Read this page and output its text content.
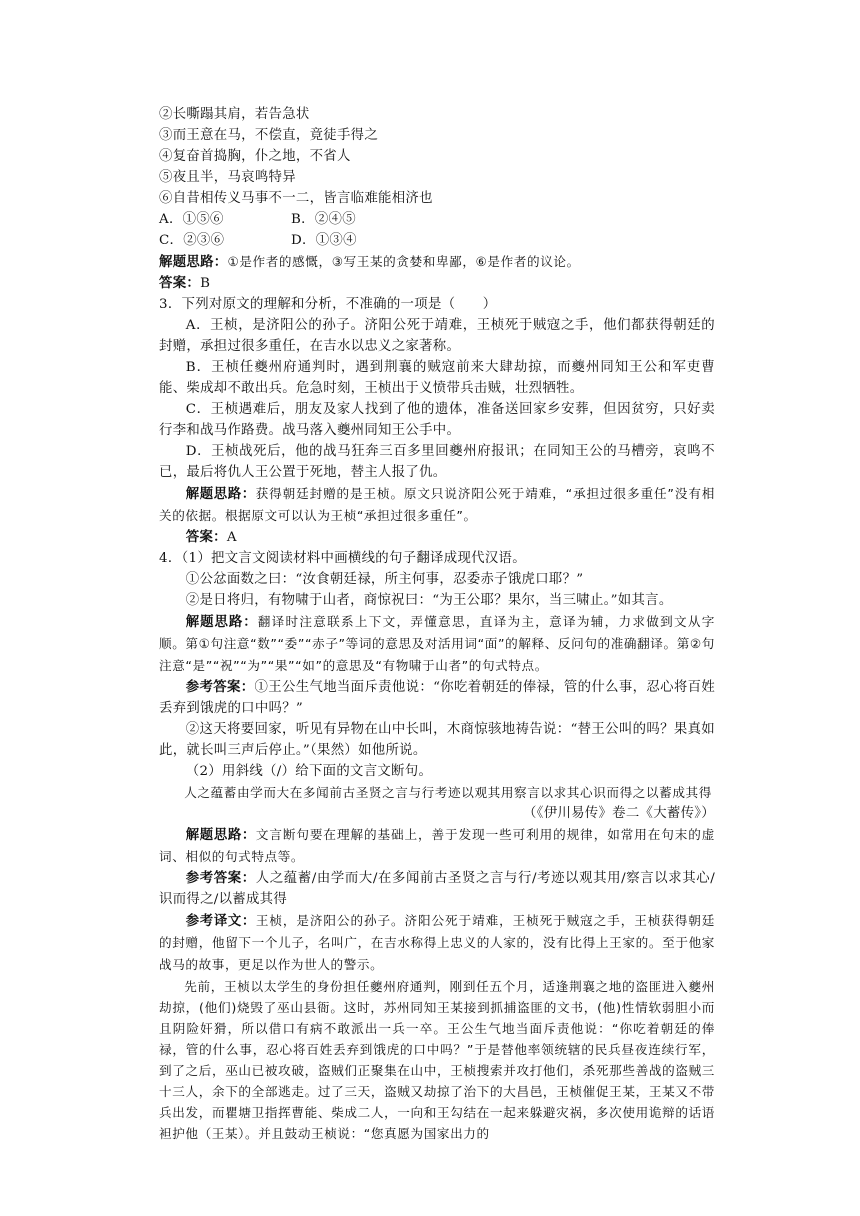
②长嘶蹋其肩，若告急状
③而王意在马，不偿直，竟徒手得之
④复奋首捣胸，仆之地，不省人
⑤夜且半，马哀鸣特异
⑥自昔相传义马事不一二，皆言临难能相济也
A．①⑤⑥	B．②④⑤
C．②③⑥	D．①③④
解题思路：①是作者的感慨，③写王某的贪婪和卑鄙，⑥是作者的议论。
答案：B
3．下列对原文的理解和分析，不准确的一项是（　　）
A．王桢，是济阳公的孙子。济阳公死于靖难，王桢死于贼寇之手，他们都获得朝廷的封赠，承担过很多重任，在吉水以忠义之家著称。
B．王桢任夔州府通判时，遇到荆襄的贼寇前来大肆劫掠，而夔州同知王公和军吏曹能、柴成却不敢出兵。危急时刻，王桢出于义愤带兵击贼，壮烈牺牲。
C．王桢遇难后，朋友及家人找到了他的遗体，准备送回家乡安葬，但因贫穷，只好卖行李和战马作路费。战马落入夔州同知王公手中。
D．王桢战死后，他的战马狂奔三百多里回夔州府报讯；在同知王公的马槽旁，哀鸣不已，最后将仇人王公置于死地，替主人报了仇。
解题思路：获得朝廷封赠的是王桢。原文只说济阳公死于靖难，“承担过很多重任”没有相关的依据。根据原文可以认为王桢“承担过很多重任”。
答案：A
4．（1）把文言文阅读材料中画横线的句子翻译成现代汉语。
①公忿面数之曰：“汝食朝廷禄，所主何事，忍委赤子饿虎口耶？”
②是日将归，有物啸于山者，商惊祝曰：“为王公耶？果尔，当三啸止。”如其言。
解题思路：翻译时注意联系上下文，弄懂意思，直译为主，意译为辅，力求做到文从字顺。第①句注意“数”“委”“赤子”等词的意思及对活用词“面”的解释、反问句的准确翻译。第②句注意“是”“祝”“为”“果”“如”的意思及“有物啸于山者”的句式特点。
参考答案：①王公生气地当面斥责他说：“你吃着朝廷的俸禄，管的什么事，忍心将百姓丢弃到饿虎的口中吗？”
②这天将要回家，听见有异物在山中长叫，木商惊骇地祷告说：“替王公叫的吗？果真如此，就长叫三声后停止。”（果然）如他所说。
（2）用斜线（/）给下面的文言文断句。
人之蕴蓄由学而大在多闻前古圣贤之言与行考迹以观其用察言以求其心识而得之以蓄成其得
（《伊川易传》卷二《大蓄传》）
解题思路：文言断句要在理解的基础上，善于发现一些可利用的规律，如常用在句末的虚词、相似的句式特点等。
参考答案：人之蕴蓄/由学而大/在多闻前古圣贤之言与行/考迹以观其用/察言以求其心/识而得之/以蓄成其得
参考译文：王桢，是济阳公的孙子。济阳公死于靖难，王桢死于贼寇之手，王桢获得朝廷的封赠，他留下一个儿子，名叫广，在吉水称得上忠义的人家的，没有比得上王家的。至于他家战马的故事，更足以作为世人的警示。
先前，王桢以太学生的身份担任夔州府通判，刚到任五个月，适逢荆襄之地的盗匪进入夔州劫掠，(他们)烧毁了巫山县衙。这时，苏州同知王某接到抓捕盗匪的文书，(他)性情软弱胆小而且阴险奸猾，所以借口有病不敢派出一兵一卒。王公生气地当面斥责他说：“你吃着朝廷的俸禄，管的什么事，忍心将百姓丢弃到饿虎的口中吗？”于是替他率领统辖的民兵昼夜连续行军，到了之后，巫山已被攻破，盗贼们正聚集在山中，王桢搜索并攻打他们，杀死那些善战的盗贼三十三人，余下的全部逃走。过了三天，盗贼又劫掠了治下的大昌邑，王桢催促王某，王某又不带兵出发，而瞿塘卫指挥曹能、柴成二人，一向和王勾结在一起来躲避灾祸，多次使用诡辩的话语袒护他（王某）。并且鼓动王桢说：“您真愿为国家出力的
